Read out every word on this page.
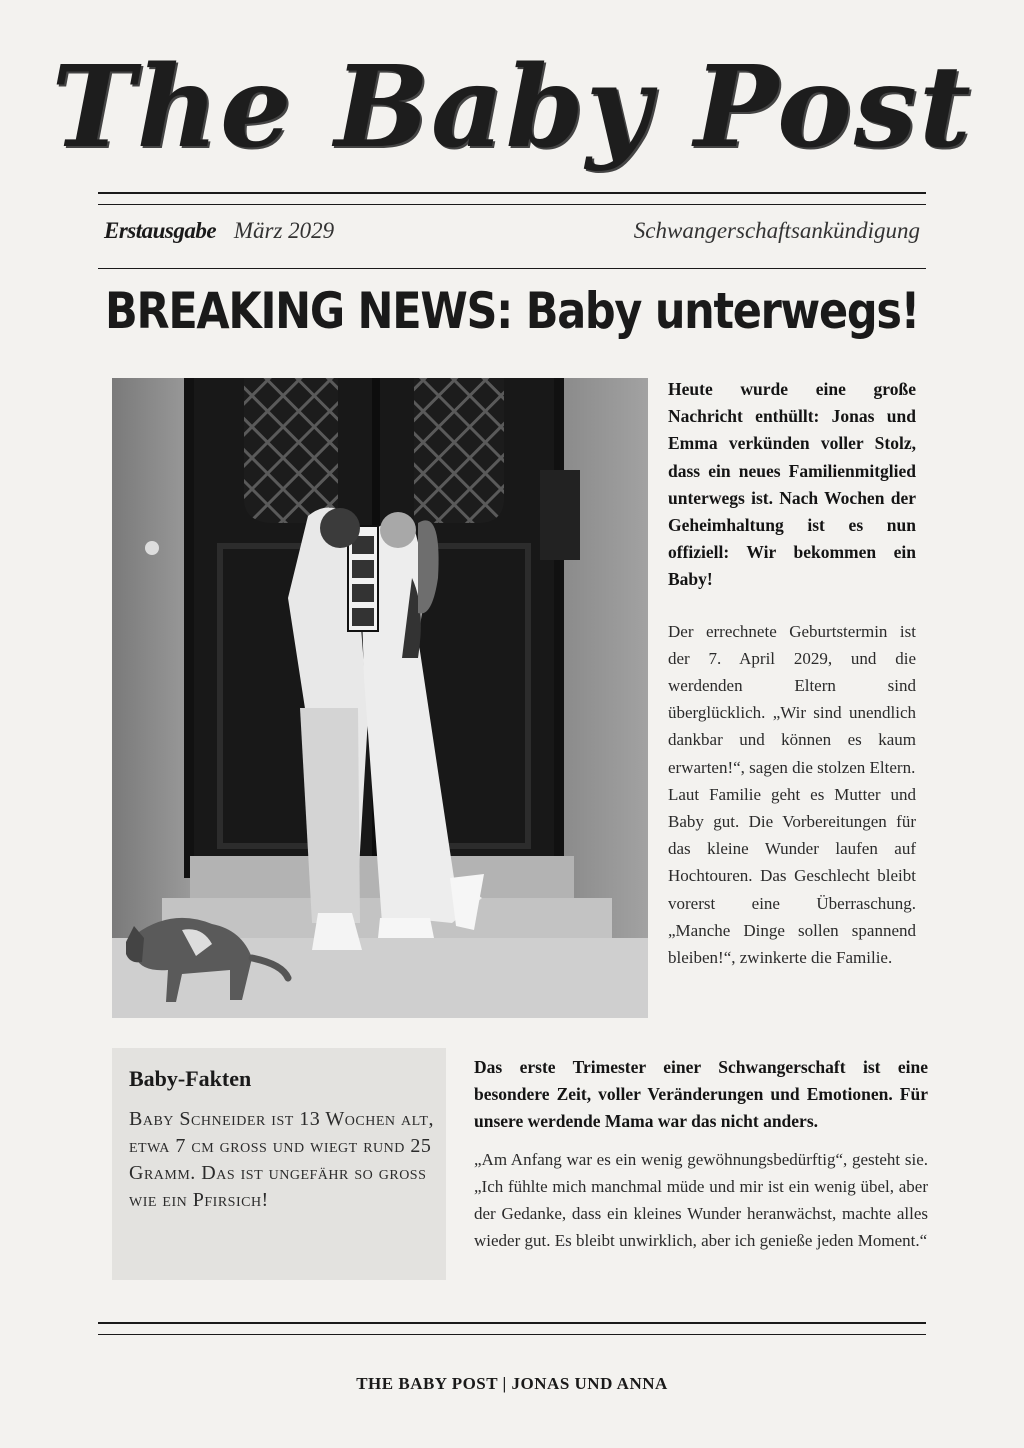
The Baby Post
Erstausgabe März 2029	Schwangerschaftsankündigung
BREAKING NEWS: Baby unterwegs!
Heute wurde eine große Nachricht enthüllt: Jonas und Emma verkünden voller Stolz, dass ein neues Familienmitglied unterwegs ist. Nach Wochen der Geheimhaltung ist es nun offiziell: Wir bekommen ein Baby!

Der errechnete Geburtstermin ist der 7. April 2029, und die werdenden Eltern sind überglücklich. „Wir sind unendlich dankbar und können es kaum erwarten!“, sagen die stolzen Eltern.

Laut Familie geht es Mutter und Baby gut. Die Vorbereitungen für das kleine Wunder laufen auf Hochtouren. Das Geschlecht bleibt vorerst eine Überraschung. „Manche Dinge sollen spannend bleiben!“, zwinkerte die Familie.

Baby-Fakten
Baby Schneider ist 13 Wochen alt, etwa 7 cm gross und wiegt rund 25 Gramm. Das ist ungefähr so gross wie ein Pfirsich!
Das erste Trimester einer Schwangerschaft ist eine besondere Zeit, voller Veränderungen und Emotionen. Für unsere werdende Mama war das nicht anders.

„Am Anfang war es ein wenig gewöhnungsbedürftig“, gesteht sie. „Ich fühlte mich manchmal müde und mir ist ein wenig übel, aber der Gedanke, dass ein kleines Wunder heranwächst, machte alles wieder gut. Es bleibt unwirklich, aber ich genieße jeden Moment.“

THE BABY POST | JONAS UND ANNA
